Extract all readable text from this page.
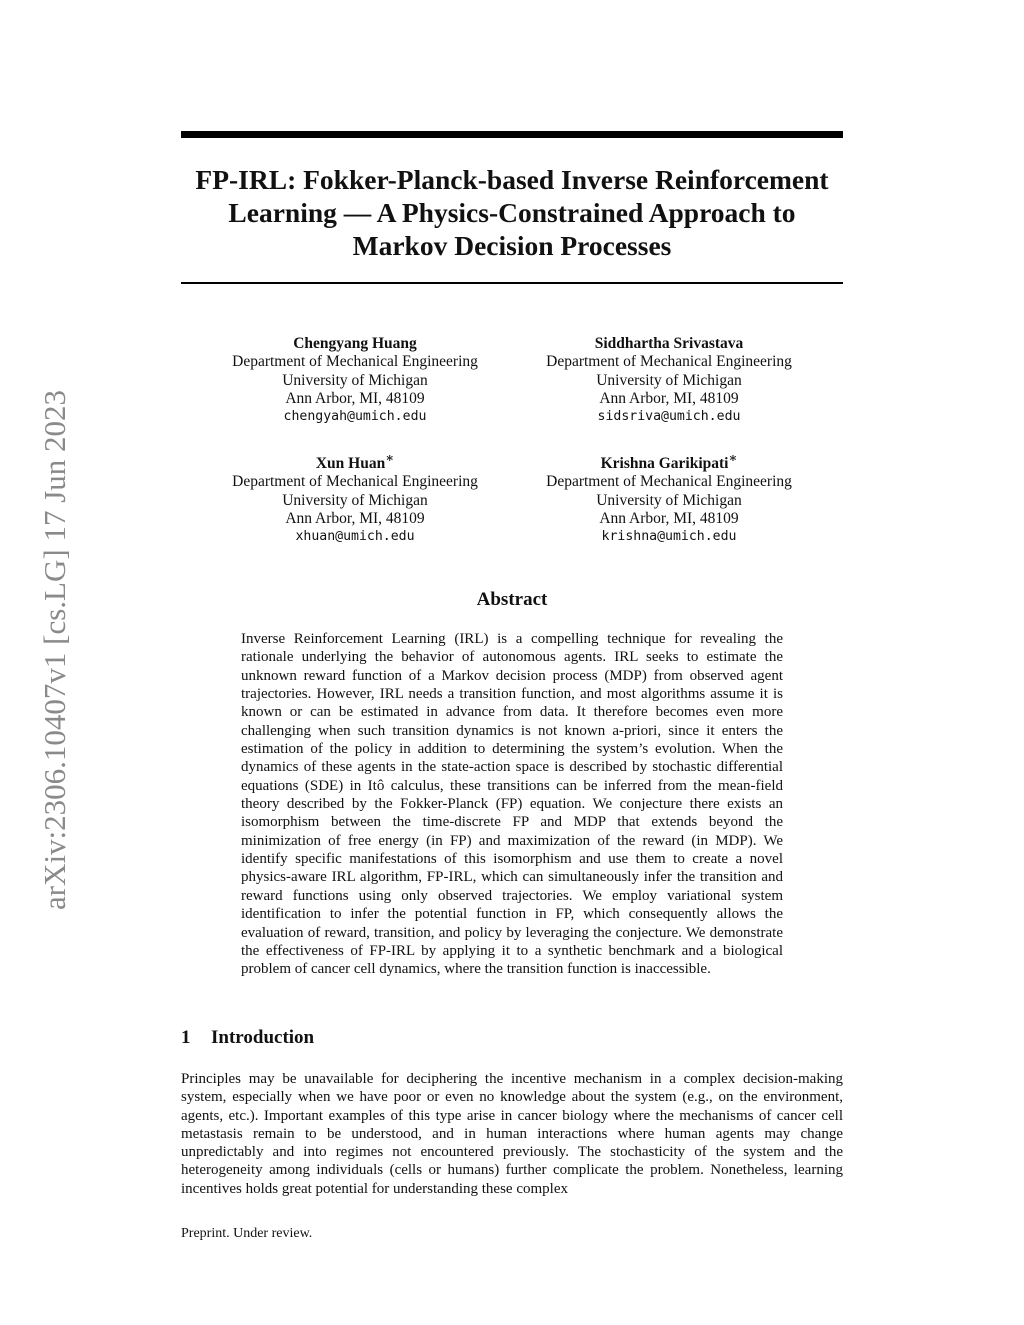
arXiv:2306.10407v1 [cs.LG] 17 Jun 2023
FP-IRL: Fokker-Planck-based Inverse Reinforcement
Learning — A Physics-Constrained Approach to
Markov Decision Processes
Chengyang Huang
Department of Mechanical Engineering
University of Michigan
Ann Arbor, MI, 48109
chengyah@umich.edu
Siddhartha Srivastava
Department of Mechanical Engineering
University of Michigan
Ann Arbor, MI, 48109
sidsriva@umich.edu
Xun Huan∗
Department of Mechanical Engineering
University of Michigan
Ann Arbor, MI, 48109
xhuan@umich.edu
Krishna Garikipati∗
Department of Mechanical Engineering
University of Michigan
Ann Arbor, MI, 48109
krishna@umich.edu
Abstract

Inverse Reinforcement Learning (IRL) is a compelling technique for revealing the rationale underlying the behavior of autonomous agents. IRL seeks to estimate the unknown reward function of a Markov decision process (MDP) from observed agent trajectories. However, IRL needs a transition function, and most algorithms assume it is known or can be estimated in advance from data. It therefore becomes even more challenging when such transition dynamics is not known a-priori, since it enters the estimation of the policy in addition to determining the system’s evolution. When the dynamics of these agents in the state-action space is described by stochastic differential equations (SDE) in Itô calculus, these transitions can be inferred from the mean-field theory described by the Fokker-Planck (FP) equation. We conjecture there exists an isomorphism between the time-discrete FP and MDP that extends beyond the minimization of free energy (in FP) and maximization of the reward (in MDP). We identify specific manifestations of this isomorphism and use them to create a novel physics-aware IRL algorithm, FP-IRL, which can simultaneously infer the transition and reward functions using only observed trajectories. We employ variational system identification to infer the potential function in FP, which consequently allows the evaluation of reward, transition, and policy by leveraging the conjecture. We demonstrate the effectiveness of FP-IRL by applying it to a synthetic benchmark and a biological problem of cancer cell dynamics, where the transition function is inaccessible.

1 Introduction

Principles may be unavailable for deciphering the incentive mechanism in a complex decision-making system, especially when we have poor or even no knowledge about the system (e.g., on the environment, agents, etc.). Important examples of this type arise in cancer biology where the mechanisms of cancer cell metastasis remain to be understood, and in human interactions where human agents may change unpredictably and into regimes not encountered previously. The stochasticity of the system and the heterogeneity among individuals (cells or humans) further complicate the problem. Nonetheless, learning incentives holds great potential for understanding these complex

Preprint. Under review.
